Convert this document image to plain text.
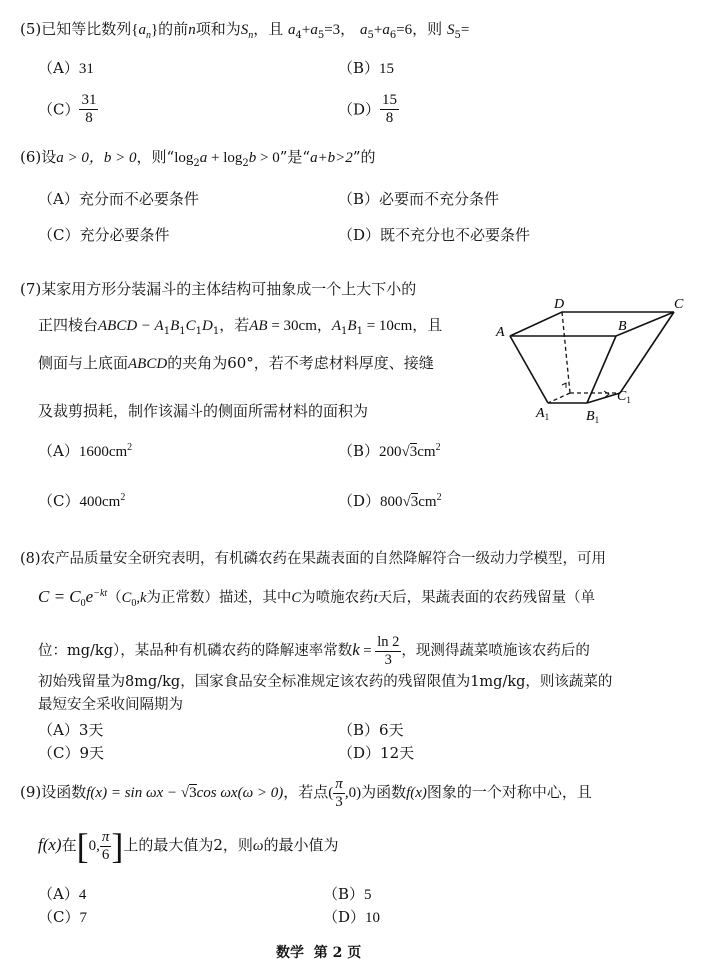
(5)已知等比数列$\{a_n\}$的前n项和为$S_n$，且 $a_4+a_5=3$， $a_5+a_6=6$，则 $S_5=$
（A）31	（B）15
$(C) \frac{31}{8}$	$(D) \frac{15}{8}$
(6)设a > 0，b > 0，则“$\log_2a + \log_2b > 0$”是“a+b>2”的
（A）充分而不必要条件	（B）必要而不充分条件
（C）充分必要条件	（D）既不充分也不必要条件
(7)某家用方形分装漏斗的主体结构可抽象成一个上大下小的
正四棱台ABCD − $A_1B_1C_1D_1$，若AB = 30cm，$A_1B_1 = 10cm$，且
侧面与上底面ABCD的夹角为60°，若不考虑材料厚度、接缝
及裁剪损耗，制作该漏斗的侧面所需材料的面积为
A
D	C
B
$A_1$	$B_1$
$C_1$
$(A)1600cm^2$	$(B)200√3cm^2$
$(C)400cm^2$	$(D)800√3cm^2$
(8)农产品质量安全研究表明，有机磷农药在果蔬表面的自然降解符合一级动力学模型，可用
$C = C_0e^{-kt}(C_0,k$为正常数）描述，其中C为喷施农药t天后，果蔬表面的农药残留量（单
位：mg/kg），某品种有机磷农药的降解速率常数$k = \frac{\ln 2}{3}$ ，现测得蔬菜喷施该农药后的
初始残留量为8mg/kg，国家食品安全标准规定该农药的残留限值为1mg/kg，则该蔬菜的
最短安全采收间隔期为
（A）3天	（B）6天
（C）9天	（D）12天
(9)设函数f(x) = sin ωx − √3cos ωx(ω > 0)，若点( $\frac{\pi}{3} ,0$)为函数f(x)图象的一个对称中心，且
f(x)在[0, $\frac{\pi}{6}$ ]上的最大值为2，则ω的最小值为
（A）4	（B）5
（C）7	（D）10
数学 第 2 页
